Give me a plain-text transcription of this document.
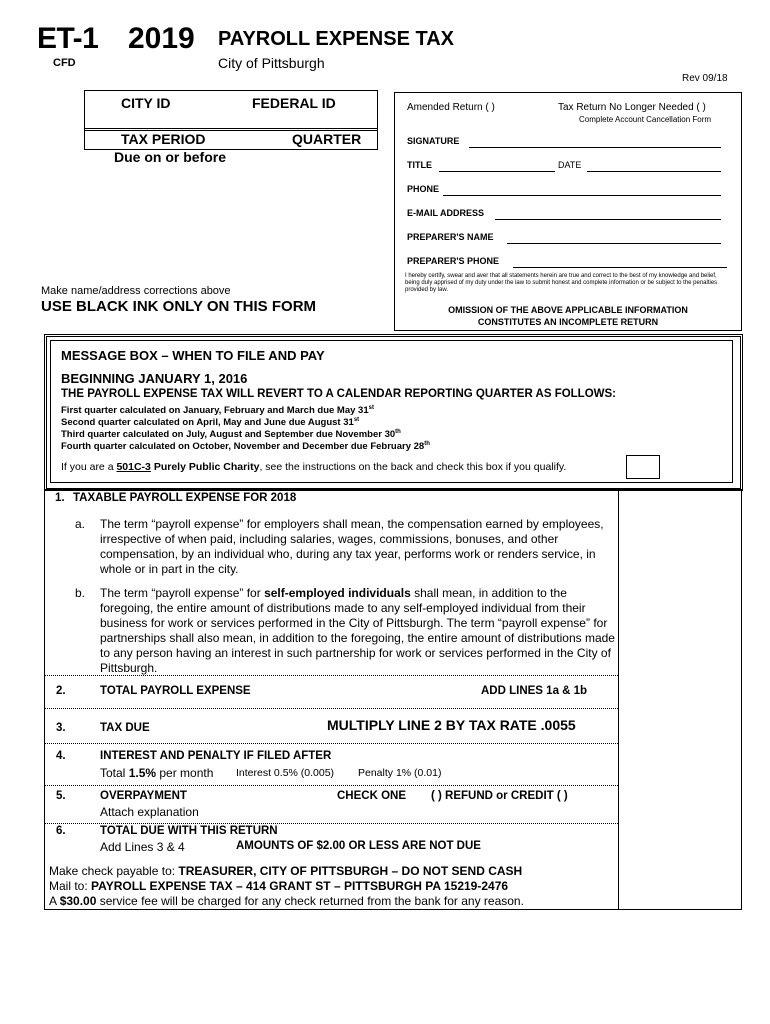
ET-1 2019 PAYROLL EXPENSE TAX
City of Pittsburgh
CFD
Rev 09/18
CITY ID	FEDERAL ID
TAX PERIOD	QUARTER
Due on or before
Amended Return ( )	Tax Return No Longer Needed ( )
Complete Account Cancellation Form
SIGNATURE
TITLE	DATE
PHONE
E-MAIL ADDRESS
PREPARER'S NAME
PREPARER'S PHONE
I hereby certify, swear and aver that all statements herein are true and correct to the best of my knowledge and belief, being duly apprised of my duty under the law to submit honest and complete information or be subject to the penalties provided by law.
OMISSION OF THE ABOVE APPLICABLE INFORMATION
CONSTITUTES AN INCOMPLETE RETURN
Make name/address corrections above
USE BLACK INK ONLY ON THIS FORM
MESSAGE BOX – WHEN TO FILE AND PAY
BEGINNING JANUARY 1, 2016
THE PAYROLL EXPENSE TAX WILL REVERT TO A CALENDAR REPORTING QUARTER AS FOLLOWS:
First quarter calculated on January, February and March due May 31st
Second quarter calculated on April, May and June due August 31st
Third quarter calculated on July, August and September due November 30th
Fourth quarter calculated on October, November and December due February 28th
If you are a 501C-3 Purely Public Charity, see the instructions on the back and check this box if you qualify.
1. TAXABLE PAYROLL EXPENSE FOR 2018
a. The term “payroll expense” for employers shall mean, the compensation earned by employees, irrespective of when paid, including salaries, wages, commissions, bonuses, and other compensation, by an individual who, during any tax year, performs work or renders service, in whole or in part in the city.
b. The term “payroll expense” for self-employed individuals shall mean, in addition to the foregoing, the entire amount of distributions made to any self-employed individual from their business for work or services performed in the City of Pittsburgh. The term “payroll expense” for partnerships shall also mean, in addition to the foregoing, the entire amount of distributions made to any person having an interest in such partnership for work or services performed in the City of Pittsburgh.
2.	TOTAL PAYROLL EXPENSE	ADD LINES 1a & 1b
3.	TAX DUE	MULTIPLY LINE 2 BY TAX RATE .0055
4.	INTEREST AND PENALTY IF FILED AFTER
Total 1.5% per month Interest 0.5% (0.005) Penalty 1% (0.01)
5.	OVERPAYMENT	CHECK ONE ( ) REFUND or CREDIT ( )
Attach explanation
6.	TOTAL DUE WITH THIS RETURN
Add Lines 3 & 4	AMOUNTS OF $2.00 OR LESS ARE NOT DUE
Make check payable to: TREASURER, CITY OF PITTSBURGH – DO NOT SEND CASH
Mail to: PAYROLL EXPENSE TAX – 414 GRANT ST – PITTSBURGH PA 15219-2476
A $30.00 service fee will be charged for any check returned from the bank for any reason.
